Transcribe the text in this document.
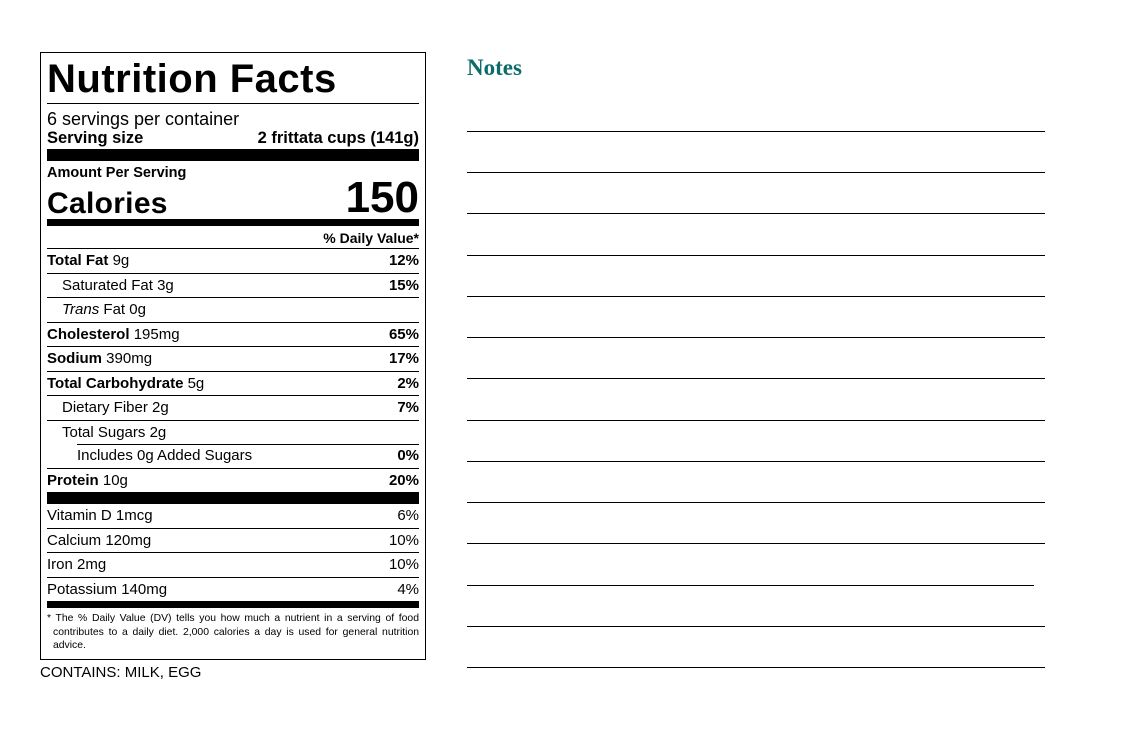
Nutrition Facts
6 servings per container
Serving size	2 frittata cups (141g)
Amount Per Serving
Calories	150
% Daily Value*
Total Fat 9g	12%
Saturated Fat 3g	15%
Trans Fat 0g
Cholesterol 195mg	65%
Sodium 390mg	17%
Total Carbohydrate 5g	2%
Dietary Fiber 2g	7%
Total Sugars 2g
Includes 0g Added Sugars	0%
Protein 10g	20%
Vitamin D 1mcg	6%
Calcium 120mg	10%
Iron 2mg	10%
Potassium 140mg	4%
* The % Daily Value (DV) tells you how much a nutrient in a serving of food contributes to a daily diet. 2,000 calories a day is used for general nutrition advice.
CONTAINS: MILK, EGG
Notes
